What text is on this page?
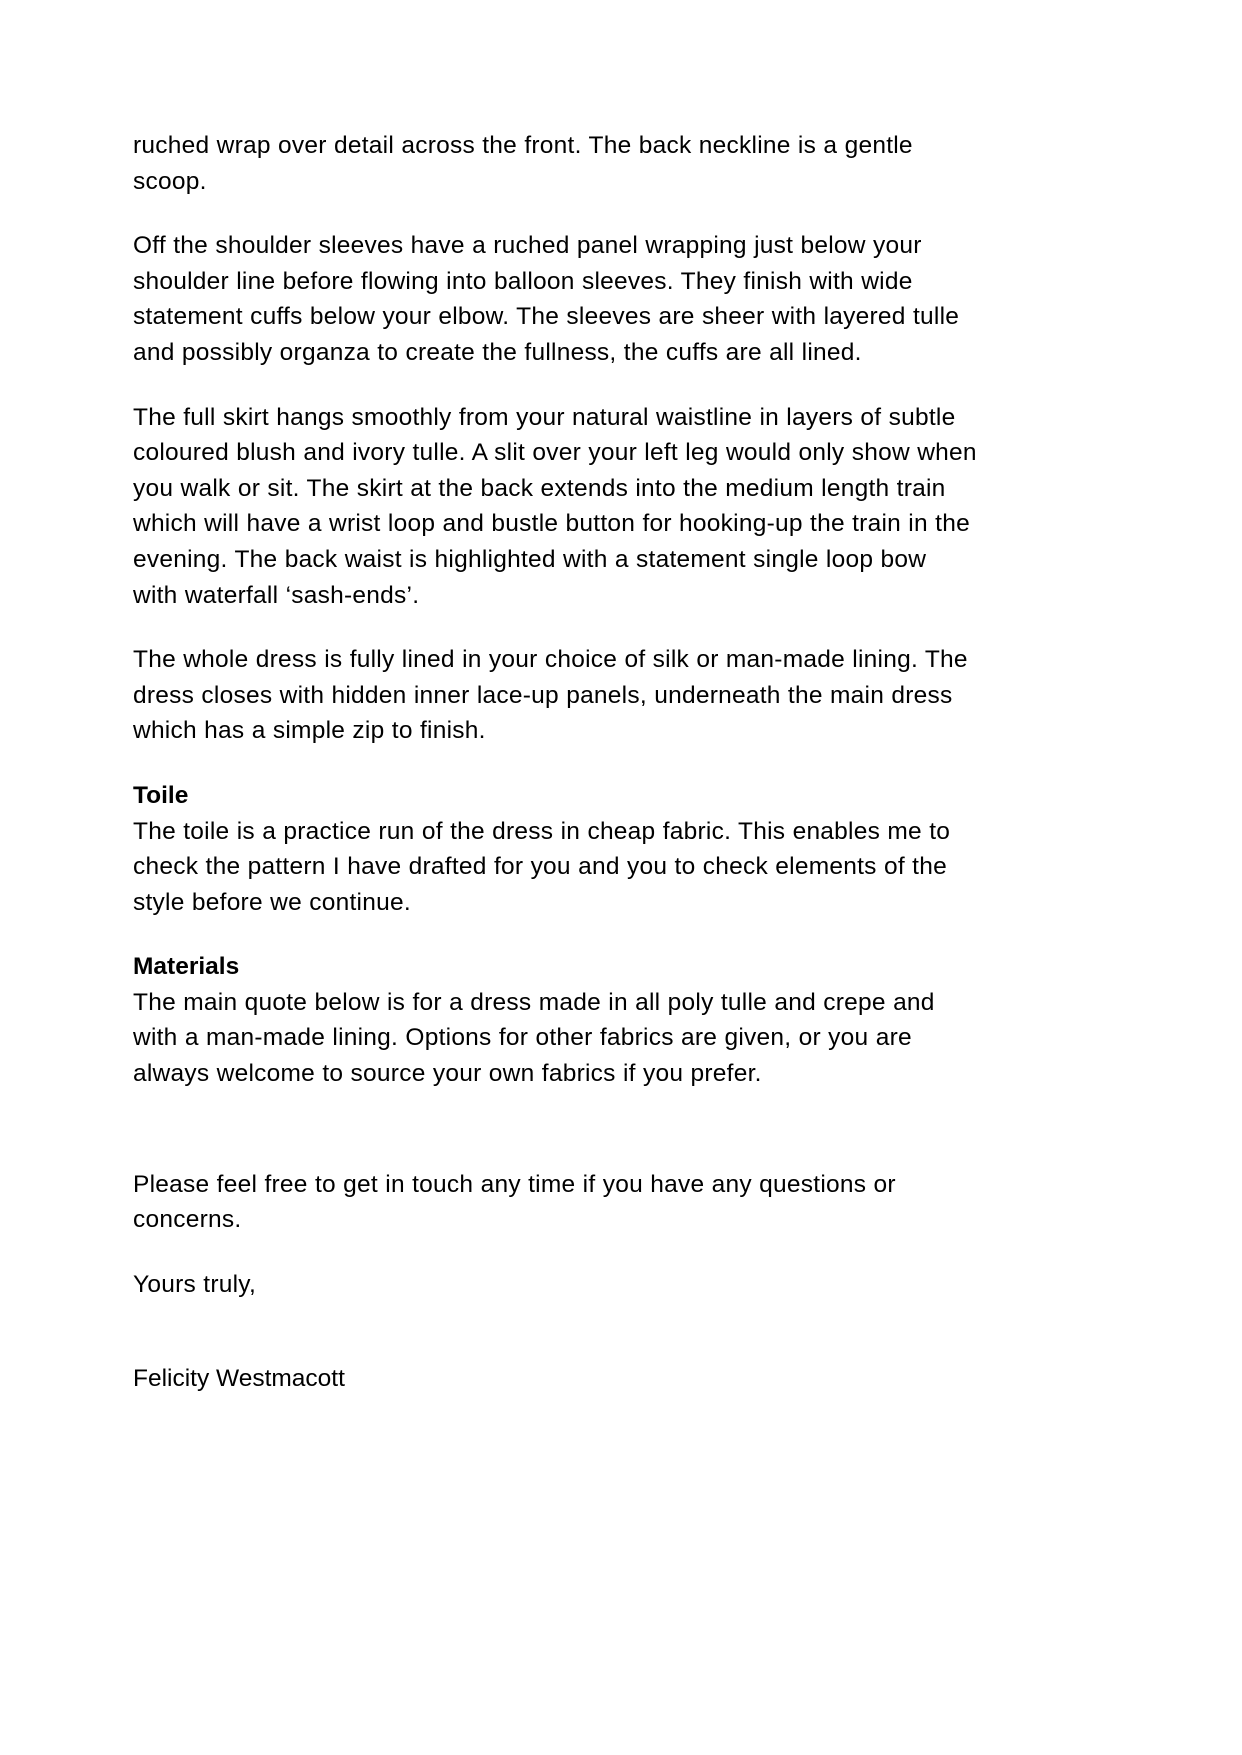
ruched wrap over detail across the front. The back neckline is a gentle scoop.

Off the shoulder sleeves have a ruched panel wrapping just below your shoulder line before flowing into balloon sleeves. They finish with wide statement cuffs below your elbow. The sleeves are sheer with layered tulle and possibly organza to create the fullness, the cuffs are all lined.

The full skirt hangs smoothly from your natural waistline in layers of subtle coloured blush and ivory tulle. A slit over your left leg would only show when you walk or sit. The skirt at the back extends into the medium length train which will have a wrist loop and bustle button for hooking-up the train in the evening. The back waist is highlighted with a statement single loop bow with waterfall ‘sash-ends’.

The whole dress is fully lined in your choice of silk or man-made lining. The dress closes with hidden inner lace-up panels, underneath the main dress which has a simple zip to finish.

Toile

The toile is a practice run of the dress in cheap fabric. This enables me to check the pattern I have drafted for you and you to check elements of the style before we continue.

Materials

The main quote below is for a dress made in all poly tulle and crepe and with a man-made lining. Options for other fabrics are given, or you are always welcome to source your own fabrics if you prefer.

Please feel free to get in touch any time if you have any questions or concerns.

Yours truly,

Felicity Westmacott
